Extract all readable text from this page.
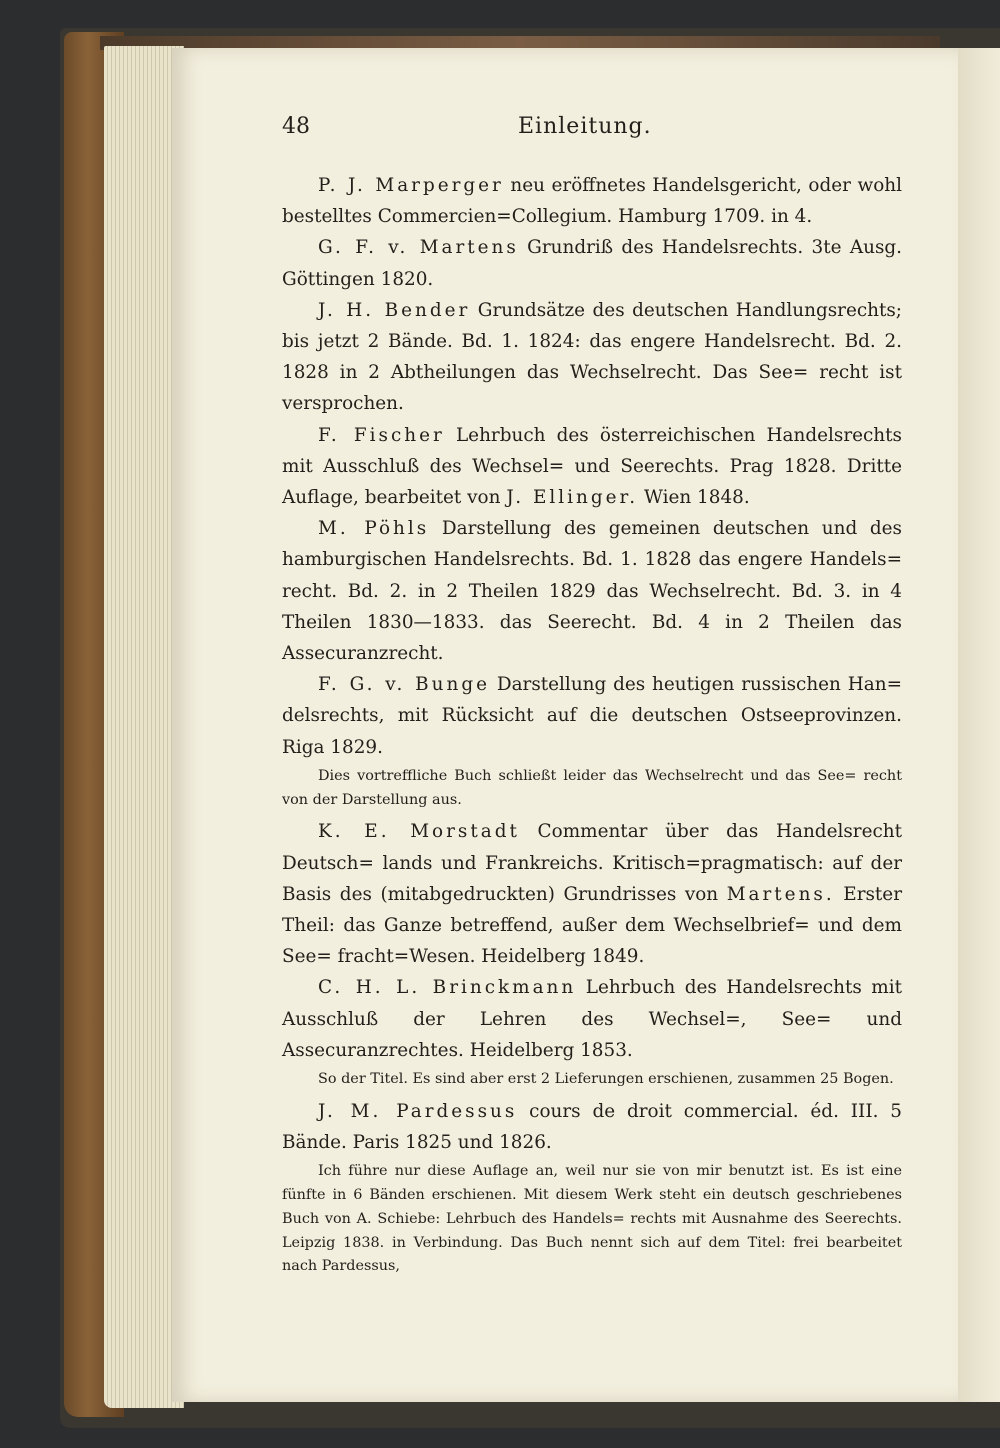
48	Einleitung.

P. J. Marperger neu eröffnetes Handelsgericht, oder wohl bestelltes Commercien=Collegium. Hamburg 1709. in 4.

G. F. v. Martens Grundriß des Handelsrechts. 3te Ausg. Göttingen 1820.

J. H. Bender Grundsätze des deutschen Handlungsrechts; bis jetzt 2 Bände. Bd. 1. 1824: das engere Handelsrecht. Bd. 2. 1828 in 2 Abtheilungen das Wechselrecht. Das See= recht ist versprochen.

F. Fischer Lehrbuch des österreichischen Handelsrechts mit Ausschluß des Wechsel= und Seerechts. Prag 1828. Dritte Auflage, bearbeitet von J. Ellinger. Wien 1848.

M. Pöhls Darstellung des gemeinen deutschen und des hamburgischen Handelsrechts. Bd. 1. 1828 das engere Handels= recht. Bd. 2. in 2 Theilen 1829 das Wechselrecht. Bd. 3. in 4 Theilen 1830—1833. das Seerecht. Bd. 4 in 2 Theilen das Assecuranzrecht.

F. G. v. Bunge Darstellung des heutigen russischen Han= delsrechts, mit Rücksicht auf die deutschen Ostseeprovinzen. Riga 1829.

Dies vortreffliche Buch schließt leider das Wechselrecht und das See= recht von der Darstellung aus.

K. E. Morstadt Commentar über das Handelsrecht Deutsch= lands und Frankreichs. Kritisch=pragmatisch: auf der Basis des (mitabgedruckten) Grundrisses von Martens. Erster Theil: das Ganze betreffend, außer dem Wechselbrief= und dem See= fracht=Wesen. Heidelberg 1849.

C. H. L. Brinckmann Lehrbuch des Handelsrechts mit Ausschluß der Lehren des Wechsel=, See= und Assecuranzrechtes. Heidelberg 1853.

So der Titel. Es sind aber erst 2 Lieferungen erschienen, zusammen 25 Bogen.

J. M. Pardessus cours de droit commercial. éd. III. 5 Bände. Paris 1825 und 1826.

Ich führe nur diese Auflage an, weil nur sie von mir benutzt ist. Es ist eine fünfte in 6 Bänden erschienen. Mit diesem Werk steht ein deutsch geschriebenes Buch von A. Schiebe: Lehrbuch des Handels= rechts mit Ausnahme des Seerechts. Leipzig 1838. in Verbindung. Das Buch nennt sich auf dem Titel: frei bearbeitet nach Pardessus,
